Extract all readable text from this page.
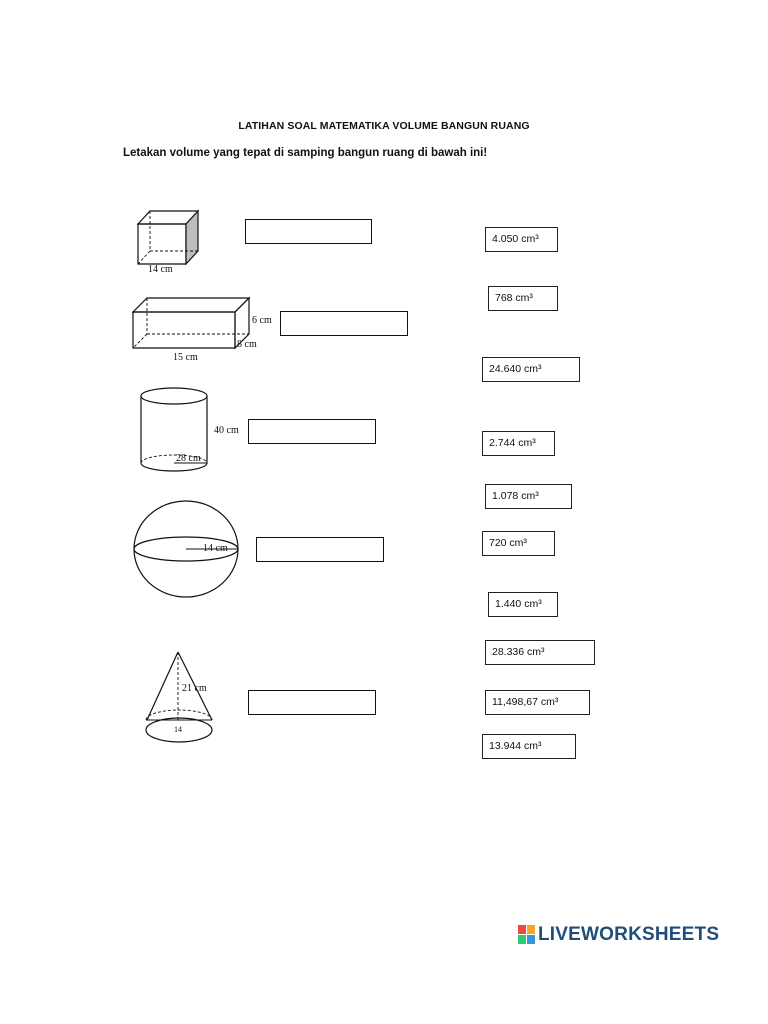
LATIHAN SOAL MATEMATIKA VOLUME BANGUN RUANG
Letakan volume yang tepat di samping bangun ruang di bawah ini!
14 cm
6 cm
8 cm
15 cm
40 cm
28 cm
14 cm
21 cm
14
4.050 cm³
768 cm³
24.640 cm³
2.744 cm³
1.078 cm³
720 cm³
1.440 cm³
28.336 cm³
11,498,67 cm³
13.944 cm³
LIVEWORKSHEETS
